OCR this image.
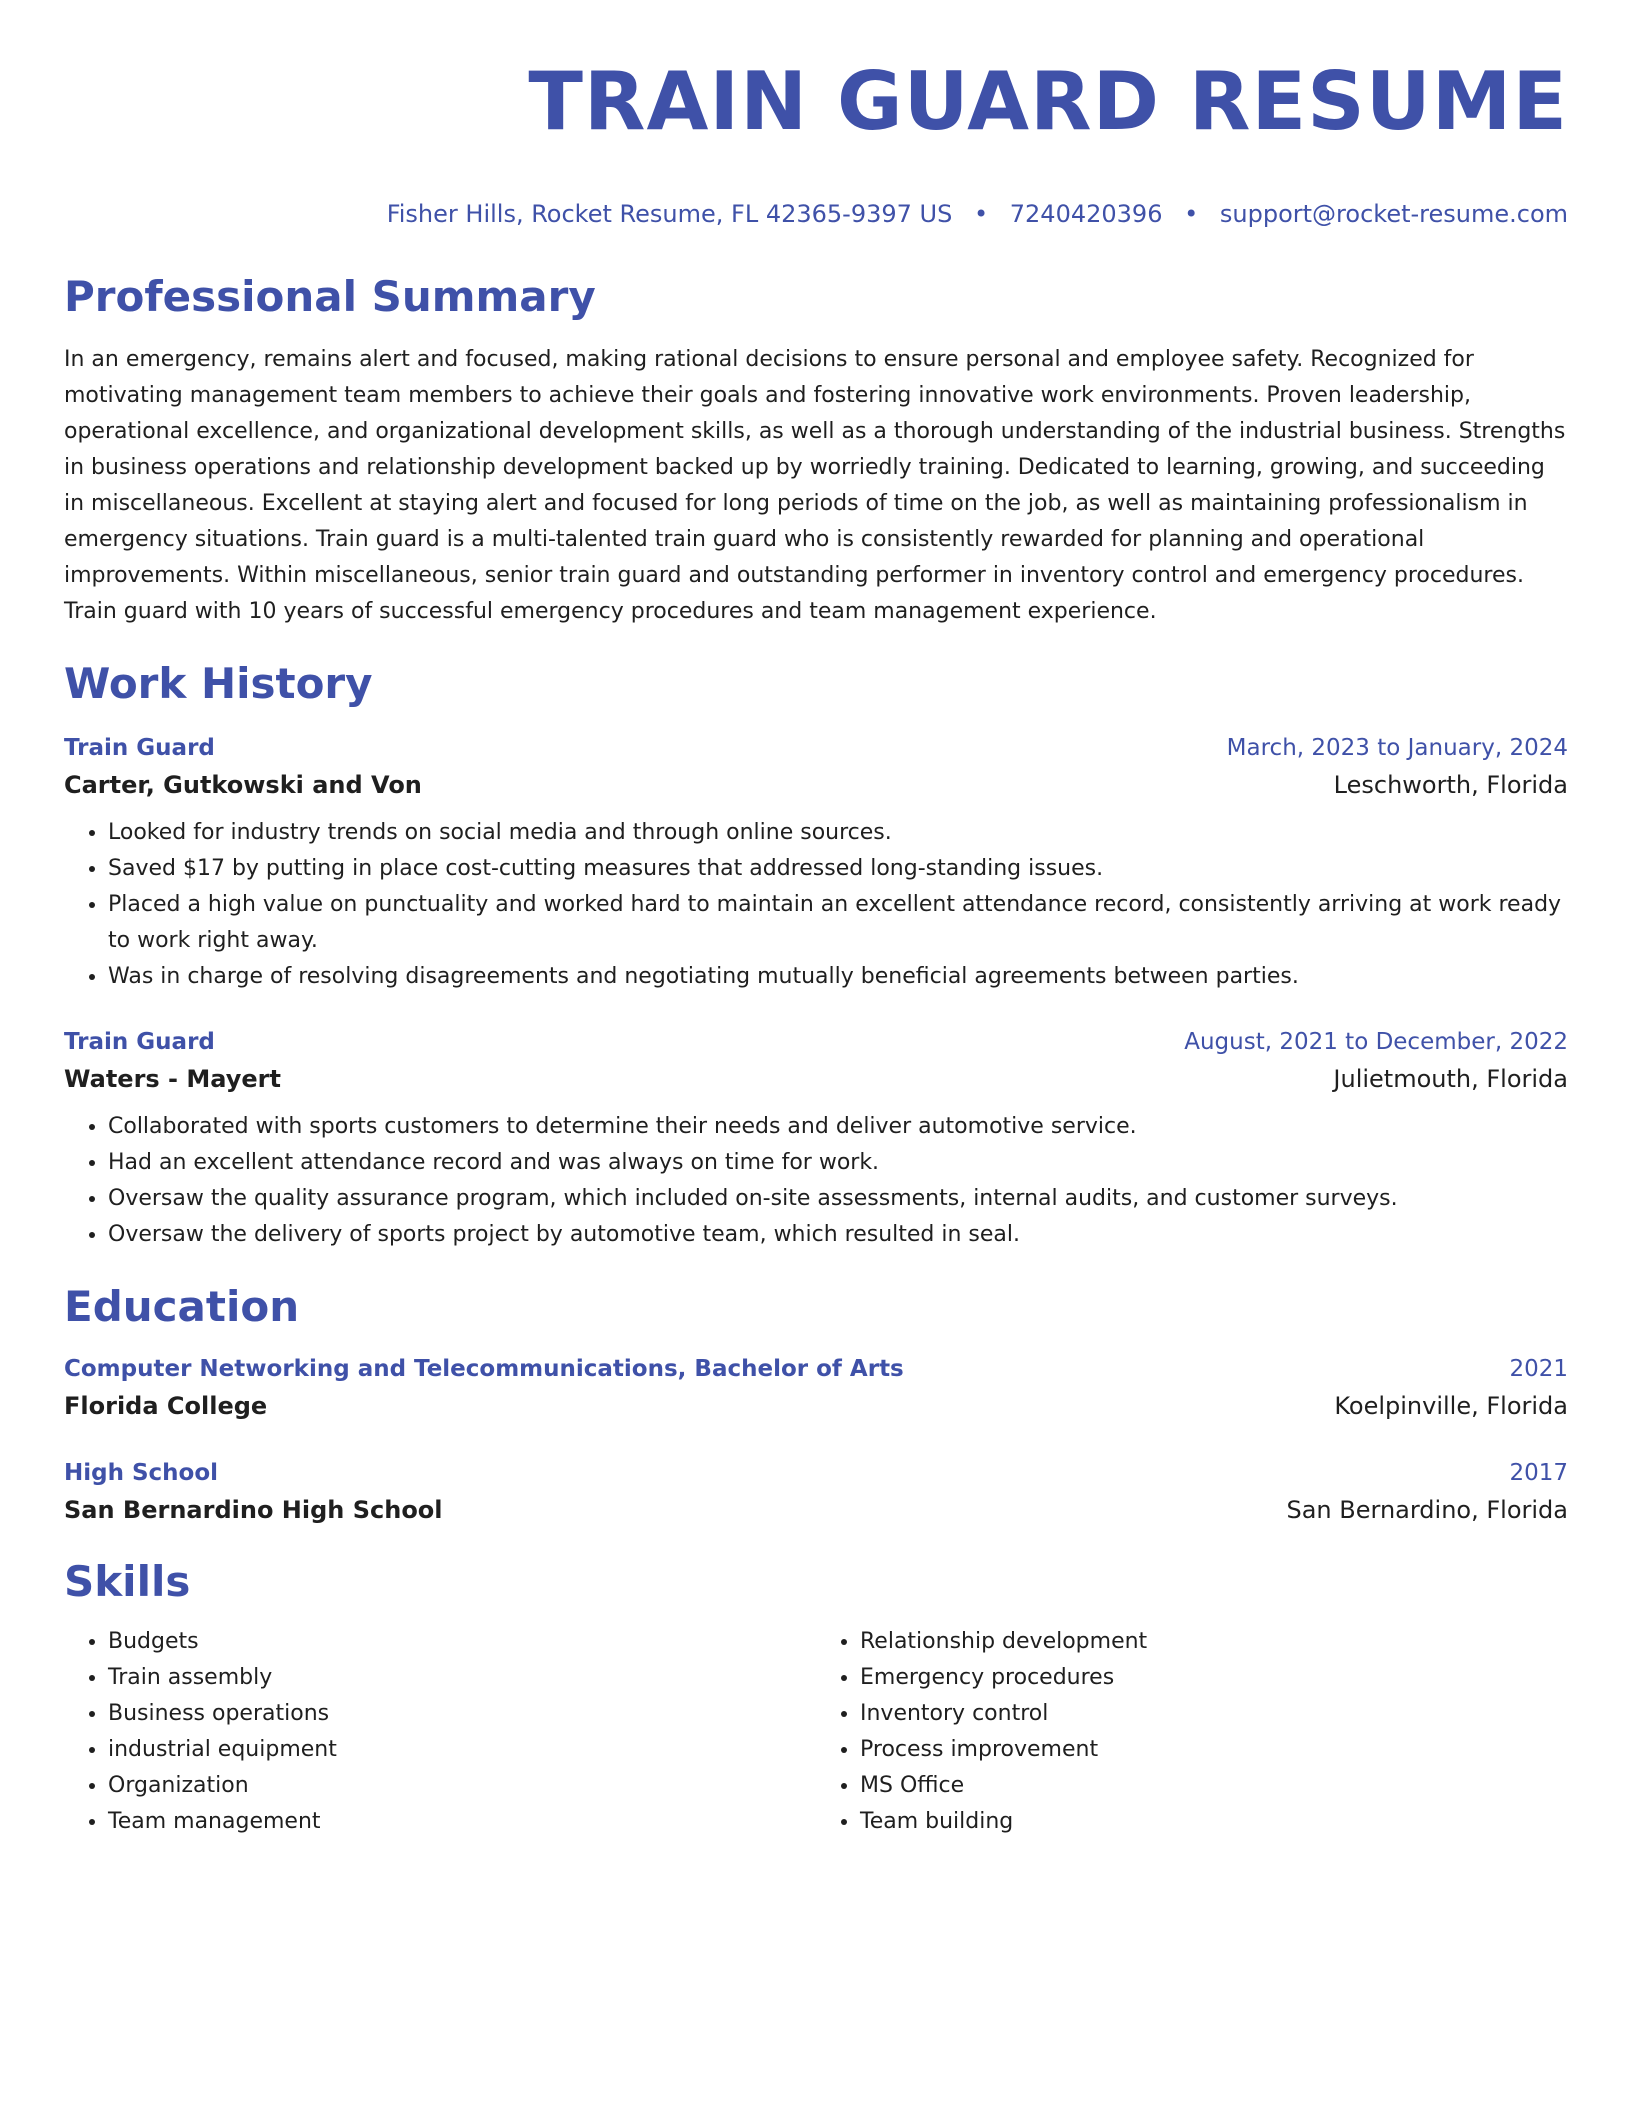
TRAIN GUARD RESUME
Fisher Hills, Rocket Resume, FL 42365-9397 US • 7240420396 • support@rocket-resume.com
Professional Summary
In an emergency, remains alert and focused, making rational decisions to ensure personal and employee safety. Recognized for motivating management team members to achieve their goals and fostering innovative work environments. Proven leadership, operational excellence, and organizational development skills, as well as a thorough understanding of the industrial business. Strengths in business operations and relationship development backed up by worriedly training. Dedicated to learning, growing, and succeeding in miscellaneous. Excellent at staying alert and focused for long periods of time on the job, as well as maintaining professionalism in emergency situations. Train guard is a multi-talented train guard who is consistently rewarded for planning and operational improvements. Within miscellaneous, senior train guard and outstanding performer in inventory control and emergency procedures. Train guard with 10 years of successful emergency procedures and team management experience.
Work History
Train Guard	March, 2023 to January, 2024
Carter, Gutkowski and Von	Leschworth, Florida
• Looked for industry trends on social media and through online sources.
• Saved $17 by putting in place cost-cutting measures that addressed long-standing issues.
• Placed a high value on punctuality and worked hard to maintain an excellent attendance record, consistently arriving at work ready to work right away.
• Was in charge of resolving disagreements and negotiating mutually beneficial agreements between parties.
Train Guard	August, 2021 to December, 2022
Waters - Mayert	Julietmouth, Florida
• Collaborated with sports customers to determine their needs and deliver automotive service.
• Had an excellent attendance record and was always on time for work.
• Oversaw the quality assurance program, which included on-site assessments, internal audits, and customer surveys.
• Oversaw the delivery of sports project by automotive team, which resulted in seal.
Education
Computer Networking and Telecommunications, Bachelor of Arts	2021
Florida College	Koelpinville, Florida
High School	2017
San Bernardino High School	San Bernardino, Florida
Skills
• Budgets
• Train assembly
• Business operations
• industrial equipment
• Organization
• Team management
• Relationship development
• Emergency procedures
• Inventory control
• Process improvement
• MS Office
• Team building
